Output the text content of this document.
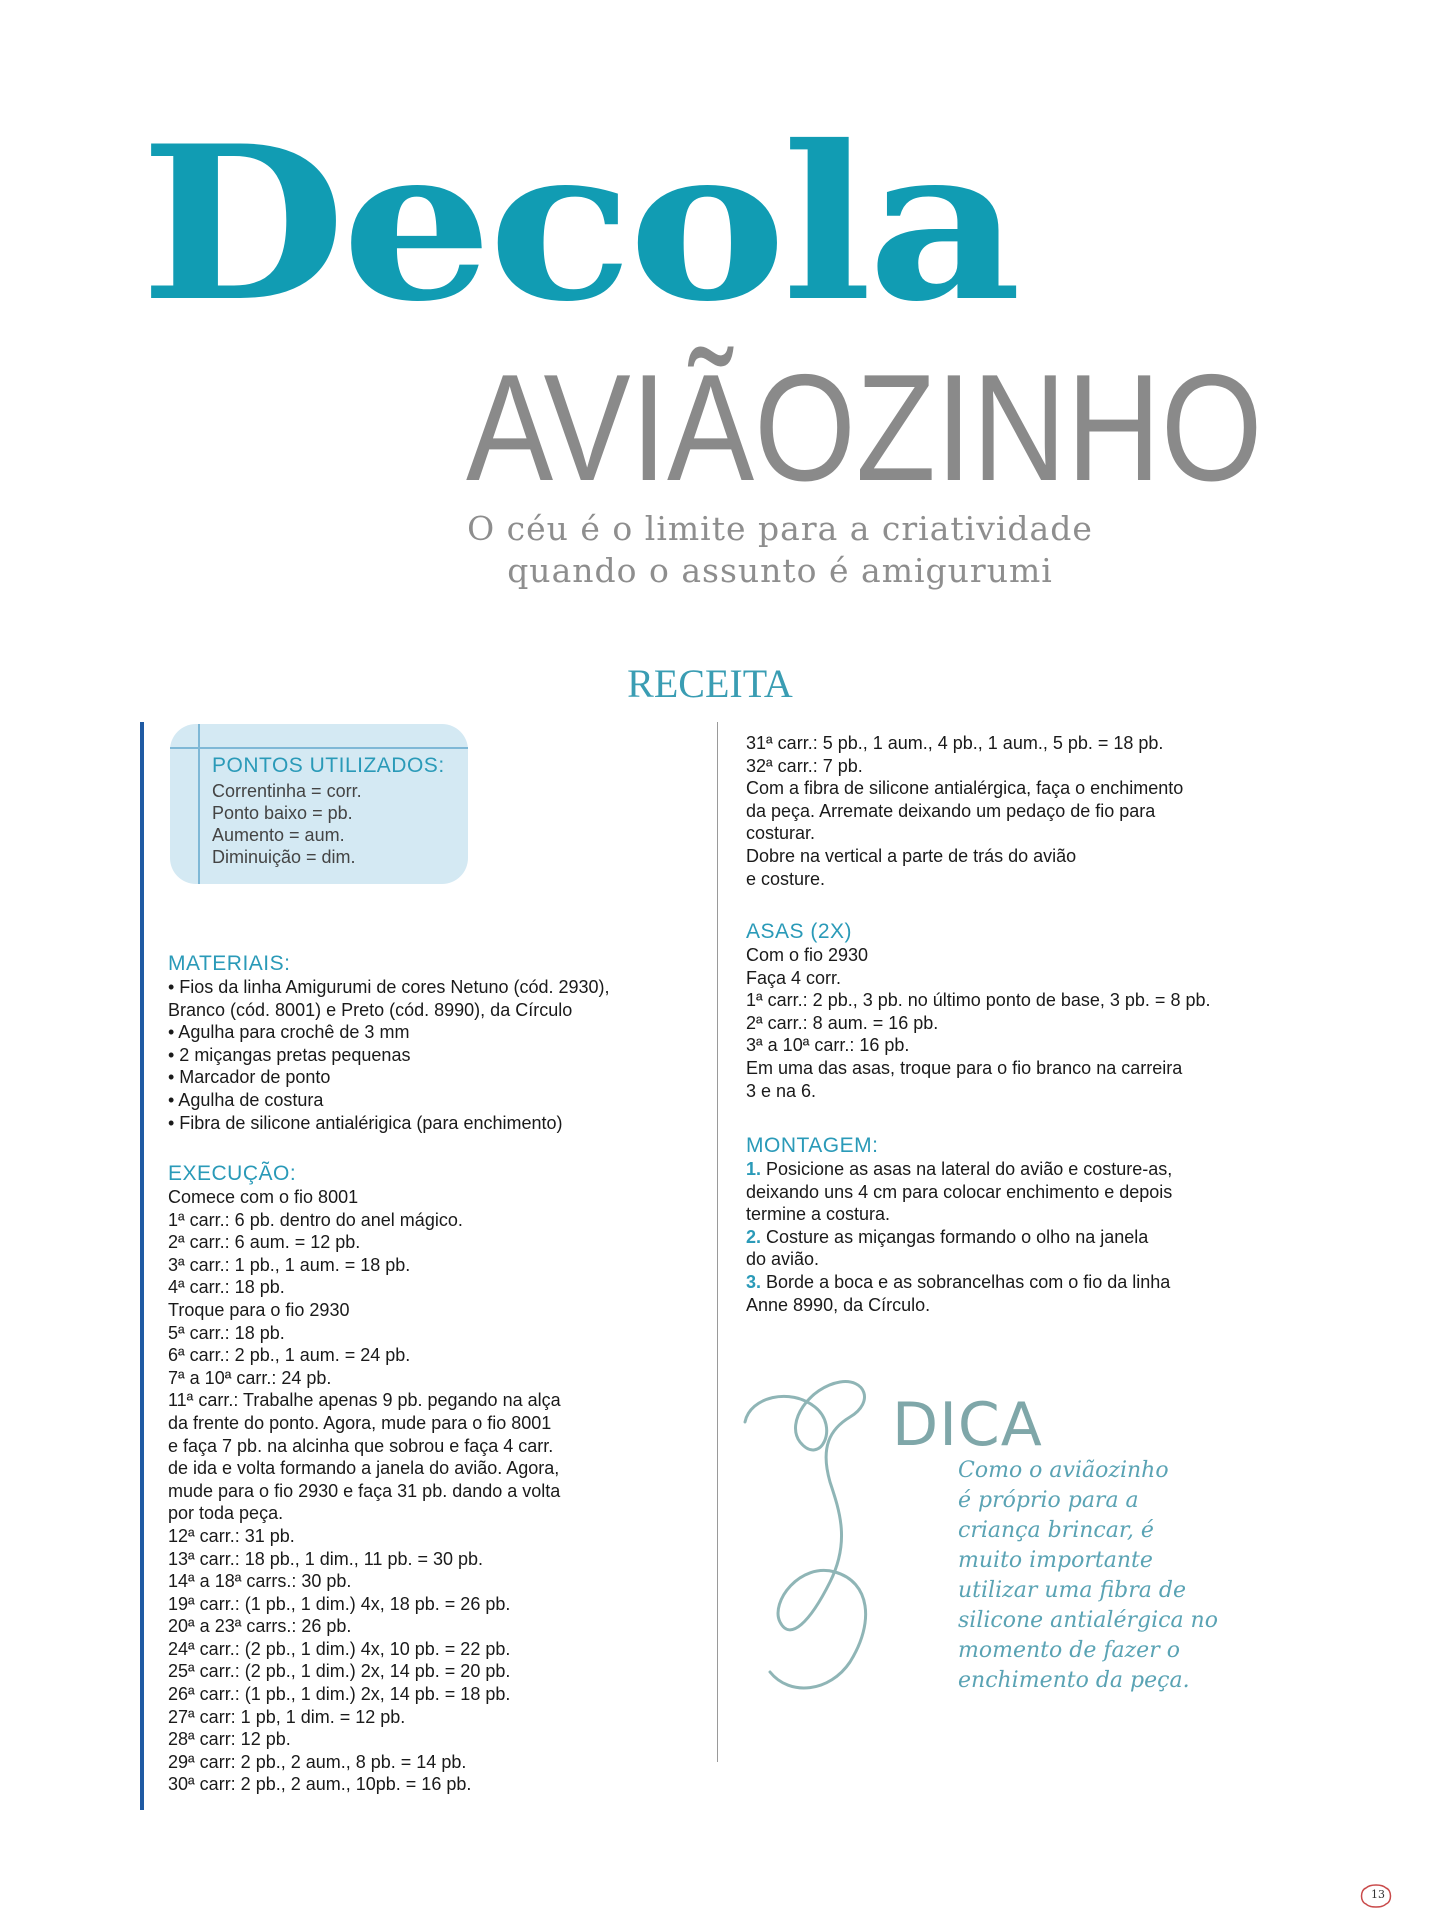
Decola
AVIÃOZINHO
O céu é o limite para a criatividade
quando o assunto é amigurumi
RECEITA
PONTOS UTILIZADOS:
Correntinha = corr.
Ponto baixo = pb.
Aumento = aum.
Diminuição = dim.
MATERIAIS:
• Fios da linha Amigurumi de cores Netuno (cód. 2930),
Branco (cód. 8001) e Preto (cód. 8990), da Círculo
• Agulha para crochê de 3 mm
• 2 miçangas pretas pequenas
• Marcador de ponto
• Agulha de costura
• Fibra de silicone antialérigica (para enchimento)
EXECUÇÃO:
Comece com o fio 8001
1ª carr.: 6 pb. dentro do anel mágico.
2ª carr.: 6 aum. = 12 pb.
3ª carr.: 1 pb., 1 aum. = 18 pb.
4ª carr.: 18 pb.
Troque para o fio 2930
5ª carr.: 18 pb.
6ª carr.: 2 pb., 1 aum. = 24 pb.
7ª a 10ª carr.: 24 pb.
11ª carr.: Trabalhe apenas 9 pb. pegando na alça
da frente do ponto. Agora, mude para o fio 8001
e faça 7 pb. na alcinha que sobrou e faça 4 carr.
de ida e volta formando a janela do avião. Agora,
mude para o fio 2930 e faça 31 pb. dando a volta
por toda peça.
12ª carr.: 31 pb.
13ª carr.: 18 pb., 1 dim., 11 pb. = 30 pb.
14ª a 18ª carrs.: 30 pb.
19ª carr.: (1 pb., 1 dim.) 4x, 18 pb. = 26 pb.
20ª a 23ª carrs.: 26 pb.
24ª carr.: (2 pb., 1 dim.) 4x, 10 pb. = 22 pb.
25ª carr.: (2 pb., 1 dim.) 2x, 14 pb. = 20 pb.
26ª carr.: (1 pb., 1 dim.) 2x, 14 pb. = 18 pb.
27ª carr: 1 pb, 1 dim. = 12 pb.
28ª carr: 12 pb.
29ª carr: 2 pb., 2 aum., 8 pb. = 14 pb.
30ª carr: 2 pb., 2 aum., 10pb. = 16 pb.
31ª carr.: 5 pb., 1 aum., 4 pb., 1 aum., 5 pb. = 18 pb.
32ª carr.: 7 pb.
Com a fibra de silicone antialérgica, faça o enchimento
da peça. Arremate deixando um pedaço de fio para
costurar.
Dobre na vertical a parte de trás do avião
e costure.
ASAS (2X)
Com o fio 2930
Faça 4 corr.
1ª carr.: 2 pb., 3 pb. no último ponto de base, 3 pb. = 8 pb.
2ª carr.: 8 aum. = 16 pb.
3ª a 10ª carr.: 16 pb.
Em uma das asas, troque para o fio branco na carreira
3 e na 6.
MONTAGEM:
1. Posicione as asas na lateral do avião e costure-as,
deixando uns 4 cm para colocar enchimento e depois
termine a costura.
2. Costure as miçangas formando o olho na janela
do avião.
3. Borde a boca e as sobrancelhas com o fio da linha
Anne 8990, da Círculo.
DICA
Como o aviãozinho
é próprio para a
criança brincar, é
muito importante
utilizar uma fibra de
silicone antialérgica no
momento de fazer o
enchimento da peça.
13
